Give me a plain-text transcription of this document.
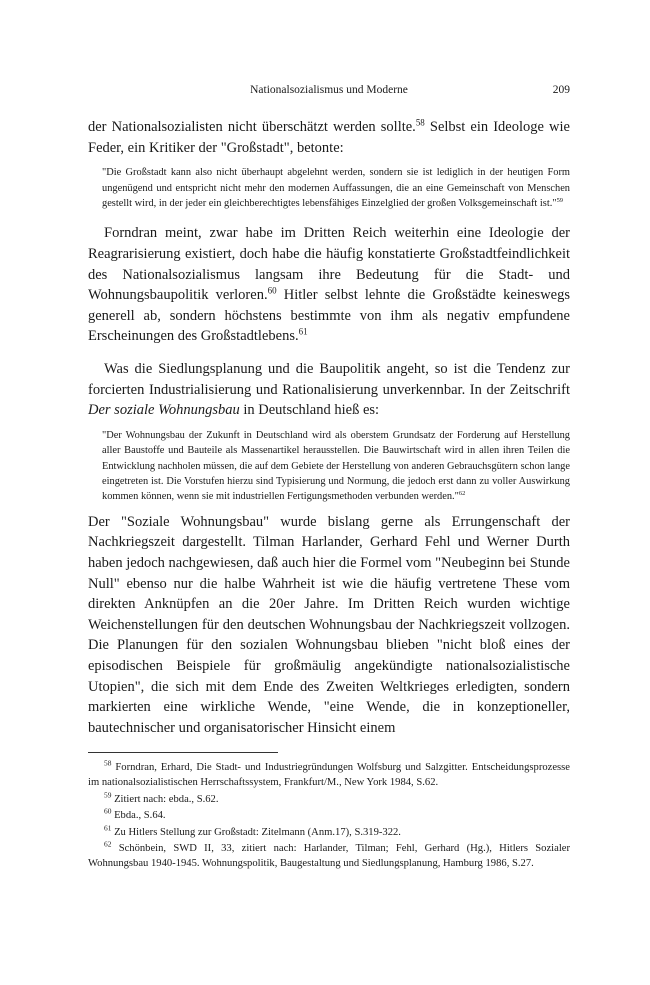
Nationalsozialismus und Moderne	209

der Nationalsozialisten nicht überschätzt werden sollte.$^{58}$ Selbst ein Ideologe wie Feder, ein Kritiker der "Großstadt", betonte:

"Die Großstadt kann also nicht überhaupt abgelehnt werden, sondern sie ist lediglich in der heutigen Form ungenügend und entspricht nicht mehr den modernen Auffassungen, die an eine Gemeinschaft von Menschen gestellt wird, in der jeder ein gleichberechtigtes lebensfähiges Einzelglied der großen Volksgemeinschaft ist."$^{59}$

Forndran meint, zwar habe im Dritten Reich weiterhin eine Ideologie der Reagrarisierung existiert, doch habe die häufig konstatierte Großstadtfeindlichkeit des Nationalsozialismus langsam ihre Bedeutung für die Stadt- und Wohnungsbaupolitik verloren.$^{60}$ Hitler selbst lehnte die Großstädte keineswegs generell ab, sondern höchstens bestimmte von ihm als negativ empfundene Erscheinungen des Großstadtlebens.$^{61}$

Was die Siedlungsplanung und die Baupolitik angeht, so ist die Tendenz zur forcierten Industrialisierung und Rationalisierung unverkennbar. In der Zeitschrift Der soziale Wohnungsbau in Deutschland hieß es:

"Der Wohnungsbau der Zukunft in Deutschland wird als oberstem Grundsatz der Forderung auf Herstellung aller Baustoffe und Bauteile als Massenartikel herausstellen. Die Bauwirtschaft wird in allen ihren Teilen die Entwicklung nachholen müssen, die auf dem Gebiete der Herstellung von anderen Gebrauchsgütern schon lange eingetreten ist. Die Vorstufen hierzu sind Typisierung und Normung, die jedoch erst dann zu voller Auswirkung kommen können, wenn sie mit industriellen Fertigungsmethoden verbunden werden."$^{62}$

Der "Soziale Wohnungsbau" wurde bislang gerne als Errungenschaft der Nachkriegszeit dargestellt. Tilman Harlander, Gerhard Fehl und Werner Durth haben jedoch nachgewiesen, daß auch hier die Formel vom "Neubeginn bei Stunde Null" ebenso nur die halbe Wahrheit ist wie die häufig vertretene These vom direkten Anknüpfen an die 20er Jahre. Im Dritten Reich wurden wichtige Weichenstellungen für den deutschen Wohnungsbau der Nachkriegszeit vollzogen. Die Planungen für den sozialen Wohnungsbau blieben "nicht bloß eines der episodischen Beispiele für großmäulig angekündigte nationalsozialistische Utopien", die sich mit dem Ende des Zweiten Weltkrieges erledigten, sondern markierten eine wirkliche Wende, "eine Wende, die in konzeptioneller, bautechnischer und organisatorischer Hinsicht einem

$^{58}$ Forndran, Erhard, Die Stadt- und Industriegründungen Wolfsburg und Salzgitter. Entscheidungsprozesse im nationalsozialistischen Herrschaftssystem, Frankfurt/M., New York 1984, S.62.

$^{59}$ Zitiert nach: ebda., S.62.

$^{60}$ Ebda., S.64.

$^{61}$ Zu Hitlers Stellung zur Großstadt: Zitelmann (Anm.17), S.319-322.

$^{62}$ Schönbein, SWD II, 33, zitiert nach: Harlander, Tilman; Fehl, Gerhard (Hg.), Hitlers Sozialer Wohnungsbau 1940-1945. Wohnungspolitik, Baugestaltung und Siedlungsplanung, Hamburg 1986, S.27.
